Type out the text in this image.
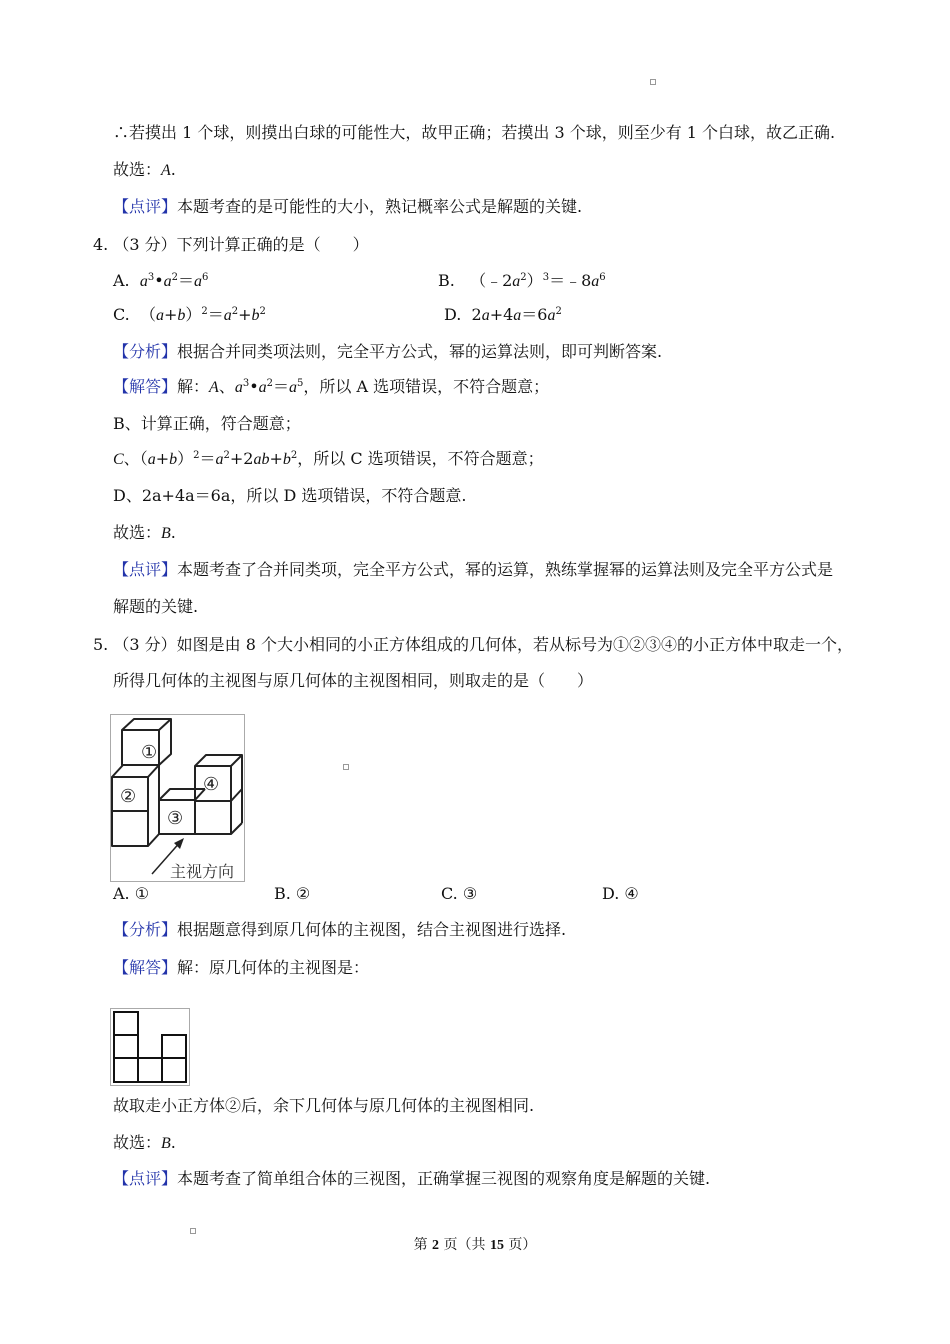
∴若摸出 1 个球，则摸出白球的可能性大，故甲正确；若摸出 3 个球，则至少有 1 个白球，故乙正确.
故选：A.
【点评】本题考查的是可能性的大小，熟记概率公式是解题的关键.
4. （3 分）下列计算正确的是（　　）
A. $a^3•a^2=a^6$	B.   $(﹣2a^2)^3=﹣8a^6$
C.  $(a+b)^2=a^2+b^2$	D.  $2a+4a=6a^2$
【分析】根据合并同类项法则，完全平方公式，幂的运算法则，即可判断答案.
【解答】解：A、$a^3•a^2=a^5$，所以 A 选项错误，不符合题意；
B、计算正确，符合题意；
C、$(a+b)^2=a^2+2ab+b^2$，所以 C 选项错误，不符合题意；
D、2a+4a＝6a，所以 D 选项错误，不符合题意.
故选：B.
【点评】本题考查了合并同类项，完全平方公式，幂的运算，熟练掌握幂的运算法则及完全平方公式是
解题的关键.
5. （3 分）如图是由 8 个大小相同的小正方体组成的几何体，若从标号为①②③④的小正方体中取走一个，
所得几何体的主视图与原几何体的主视图相同，则取走的是（　　）
①
②
③
④
主视方向
A. ①	B. ②	C. ③	D. ④
【分析】根据题意得到原几何体的主视图，结合主视图进行选择.
【解答】解：原几何体的主视图是：
故取走小正方体②后，余下几何体与原几何体的主视图相同.
故选：B.
【点评】本题考查了简单组合体的三视图，正确掌握三视图的观察角度是解题的关键.
第 2 页（共 15 页）
